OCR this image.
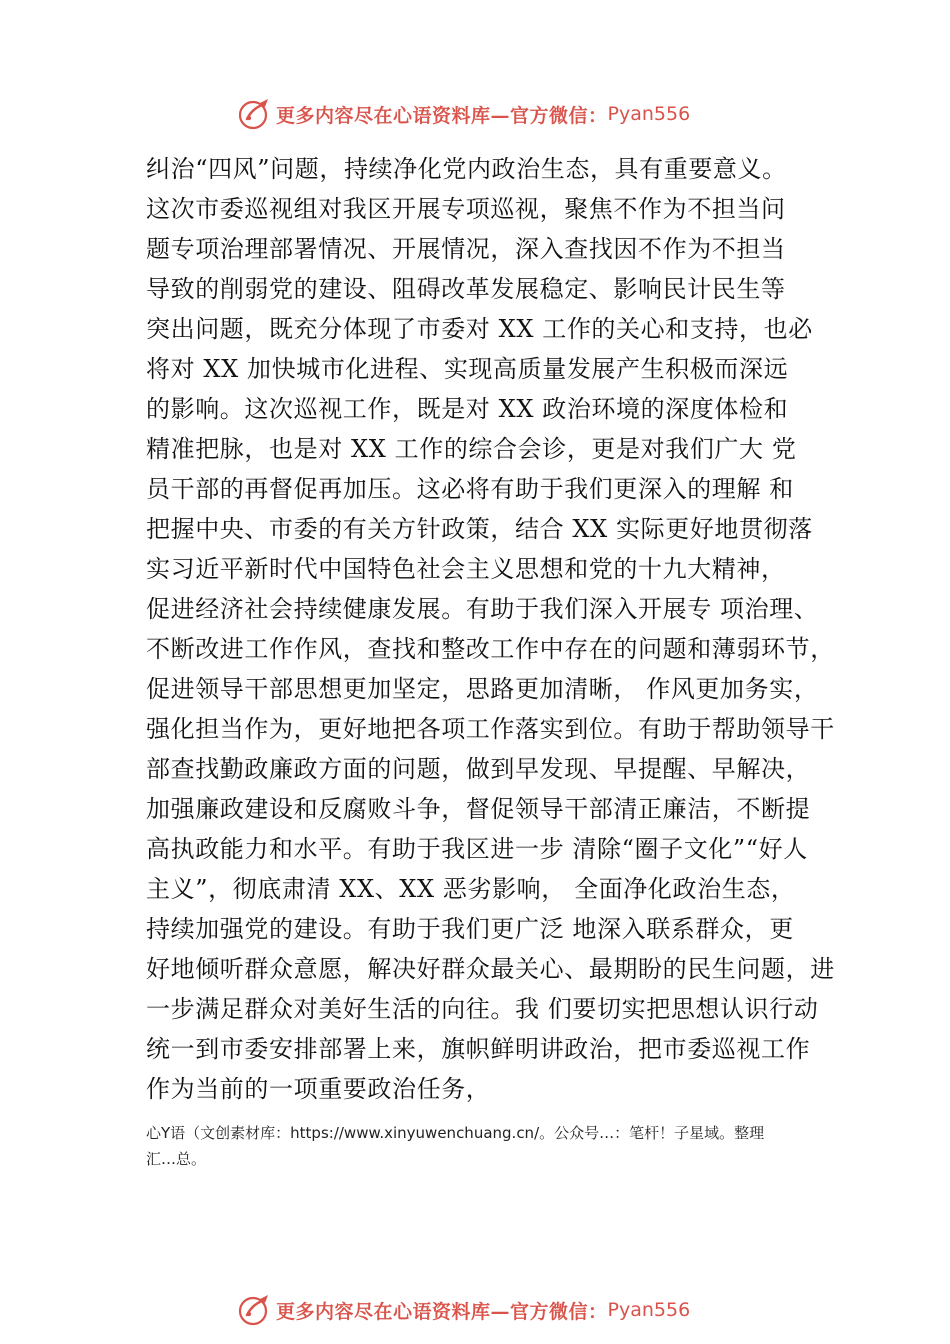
更多内容尽在心语资料库—官方微信： Pyan556
纠治“四风”问题，持续净化党内政治生态，具有重要意义。
这次市委巡视组对我区开展专项巡视，聚焦不作为不担当问
题专项治理部署情况、开展情况，深入查找因不作为不担当
导致的削弱党的建设、阻碍改革发展稳定、影响民计民生等
突出问题，既充分体现了市委对 XX 工作的关心和支持，也必
将对 XX 加快城市化进程、实现高质量发展产生积极而深远
的影响。这次巡视工作，既是对 XX 政治环境的深度体检和
精准把脉，也是对 XX 工作的综合会诊，更是对我们广大 党
员干部的再督促再加压。这必将有助于我们更深入的理解 和
把握中央、市委的有关方针政策，结合 XX 实际更好地贯彻落
实习近平新时代中国特色社会主义思想和党的十九大精神，
促进经济社会持续健康发展。有助于我们深入开展专 项治理、
不断改进工作作风，查找和整改工作中存在的问题和薄弱环节，
促进领导干部思想更加坚定，思路更加清晰， 作风更加务实，
强化担当作为，更好地把各项工作落实到位。有助于帮助领导干
部查找勤政廉政方面的问题，做到早发现、早提醒、早解决，
加强廉政建设和反腐败斗争，督促领导干部清正廉洁，不断提
高执政能力和水平。有助于我区进一步 清除“圈子文化”“好人
主义”，彻底肃清 XX、XX 恶劣影响， 全面净化政治生态，
持续加强党的建设。有助于我们更广泛 地深入联系群众，更
好地倾听群众意愿，解决好群众最关心、最期盼的民生问题，进
一步满足群众对美好生活的向往。我 们要切实把思想认识行动
统一到市委安排部署上来，旗帜鲜明讲政治，把市委巡视工作
作为当前的一项重要政治任务，
心Y语（文创素材库：https://www.xinyuwenchuang.cn/。公众号…：笔杆！子星域。整理
汇…总。
更多内容尽在心语资料库—官方微信： Pyan556
